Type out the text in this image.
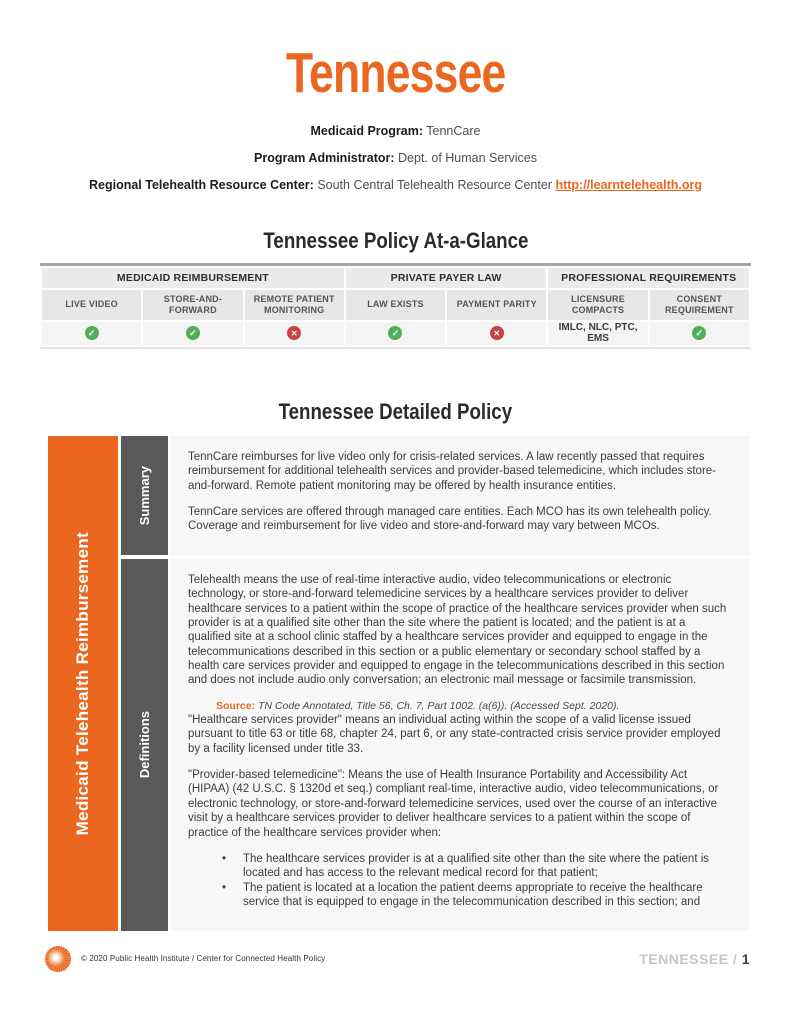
Tennessee
Medicaid Program: TennCare
Program Administrator: Dept. of Human Services
Regional Telehealth Resource Center: South Central Telehealth Resource Center http://learntelehealth.org
Tennessee Policy At-a-Glance
MEDICAID REIMBURSEMENT			PRIVATE PAYER LAW		PROFESSIONAL REQUIREMENTS	
LIVE VIDEO	STORE-AND-FORWARD	REMOTE PATIENT MONITORING	LAW EXISTS	PAYMENT PARITY	LICENSURE COMPACTS	CONSENT REQUIREMENT
✓	✓	✕	✓	✕	IMLC, NLC, PTC, EMS	✓
Tennessee Detailed Policy
Medicaid Telehealth Reimbursement
Summary

TennCare reimburses for live video only for crisis-related services. A law recently passed that requires reimbursement for additional telehealth services and provider-based telemedicine, which includes store-and-forward. Remote patient monitoring may be offered by health insurance entities.

TennCare services are offered through managed care entities. Each MCO has its own telehealth policy. Coverage and reimbursement for live video and store-and-forward may vary between MCOs.

Definitions

Telehealth means the use of real-time interactive audio, video telecommunications or electronic technology, or store-and-forward telemedicine services by a healthcare services provider to deliver healthcare services to a patient within the scope of practice of the healthcare services provider when such provider is at a qualified site other than the site where the patient is located; and the patient is at a qualified site at a school clinic staffed by a healthcare services provider and equipped to engage in the telecommunications described in this section or a public elementary or secondary school staffed by a health care services provider and equipped to engage in the telecommunications described in this section and does not include audio only conversation; an electronic mail message or facsimile transmission.

Source: TN Code Annotated, Title 56, Ch. 7, Part 1002. (a(6)). (Accessed Sept. 2020).

"Healthcare services provider" means an individual acting within the scope of a valid license issued pursuant to title 63 or title 68, chapter 24, part 6, or any state-contracted crisis service provider employed by a facility licensed under title 33.

"Provider-based telemedicine": Means the use of Health Insurance Portability and Accessibility Act (HIPAA) (42 U.S.C. § 1320d et seq.) compliant real-time, interactive audio, video telecommunications, or electronic technology, or store-and-forward telemedicine services, used over the course of an interactive visit by a healthcare services provider to deliver healthcare services to a patient within the scope of practice of the healthcare services provider when:

• The healthcare services provider is at a qualified site other than the site where the patient is located and has access to the relevant medical record for that patient;
• The patient is located at a location the patient deems appropriate to receive the healthcare service that is equipped to engage in the telecommunication described in this section; and
© 2020 Public Health Institute / Center for Connected Health Policy	TENNESSEE / 1
